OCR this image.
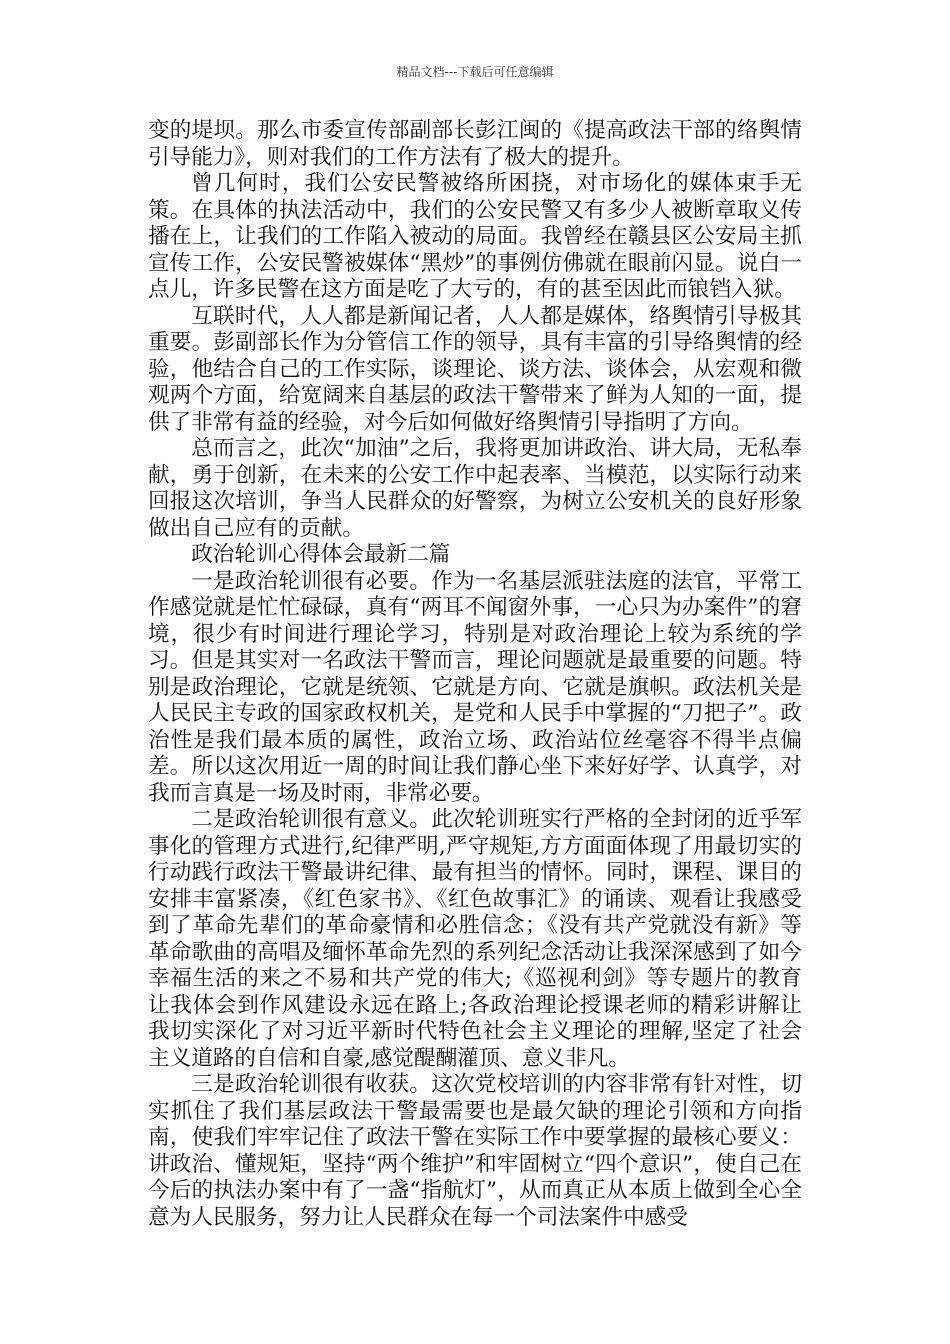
精品文档---下载后可任意编辑

变的堤坝。那么市委宣传部副部长彭江闽的《提高政法干部的络舆情引导能力》，则对我们的工作方法有了极大的提升。

曾几何时，我们公安民警被络所困挠，对市场化的媒体束手无策。在具体的执法活动中，我们的公安民警又有多少人被断章取义传播在上，让我们的工作陷入被动的局面。我曾经在赣县区公安局主抓宣传工作，公安民警被媒体“黑炒”的事例仿佛就在眼前闪显。说白一点儿，许多民警在这方面是吃了大亏的，有的甚至因此而锒铛入狱。

互联时代，人人都是新闻记者，人人都是媒体，络舆情引导极其重要。彭副部长作为分管信工作的领导，具有丰富的引导络舆情的经验，他结合自己的工作实际，谈理论、谈方法、谈体会，从宏观和微观两个方面，给宽阔来自基层的政法干警带来了鲜为人知的一面，提供了非常有益的经验，对今后如何做好络舆情引导指明了方向。

总而言之，此次“加油”之后，我将更加讲政治、讲大局，无私奉献，勇于创新，在未来的公安工作中起表率、当模范，以实际行动来回报这次培训，争当人民群众的好警察，为树立公安机关的良好形象做出自己应有的贡献。

政治轮训心得体会最新二篇

一是政治轮训很有必要。作为一名基层派驻法庭的法官，平常工作感觉就是忙忙碌碌，真有“两耳不闻窗外事，一心只为办案件”的窘境，很少有时间进行理论学习，特别是对政治理论上较为系统的学习。但是其实对一名政法干警而言，理论问题就是最重要的问题。特别是政治理论，它就是统领、它就是方向、它就是旗帜。政法机关是人民民主专政的国家政权机关，是党和人民手中掌握的“刀把子”。政治性是我们最本质的属性，政治立场、政治站位丝毫容不得半点偏差。所以这次用近一周的时间让我们静心坐下来好好学、认真学，对我而言真是一场及时雨，非常必要。

二是政治轮训很有意义。此次轮训班实行严格的全封闭的近乎军事化的管理方式进行,纪律严明,严守规矩,方方面面体现了用最切实的行动践行政法干警最讲纪律、最有担当的情怀。同时，课程、课目的安排丰富紧凑，《红色家书》、《红色故事汇》的诵读、观看让我感受到了革命先辈们的革命豪情和必胜信念；《没有共产党就没有新》等革命歌曲的高唱及缅怀革命先烈的系列纪念活动让我深深感到了如今幸福生活的来之不易和共产党的伟大;《巡视利剑》等专题片的教育让我体会到作风建设永远在路上;各政治理论授课老师的精彩讲解让我切实深化了对习近平新时代特色社会主义理论的理解,坚定了社会主义道路的自信和自豪,感觉醍醐灌顶、意义非凡。

三是政治轮训很有收获。这次党校培训的内容非常有针对性，切实抓住了我们基层政法干警最需要也是最欠缺的理论引领和方向指南，使我们牢牢记住了政法干警在实际工作中要掌握的最核心要义：讲政治、懂规矩，坚持“两个维护”和牢固树立“四个意识”，使自己在今后的执法办案中有了一盏“指航灯”，从而真正从本质上做到全心全意为人民服务，努力让人民群众在每一个司法案件中感受
